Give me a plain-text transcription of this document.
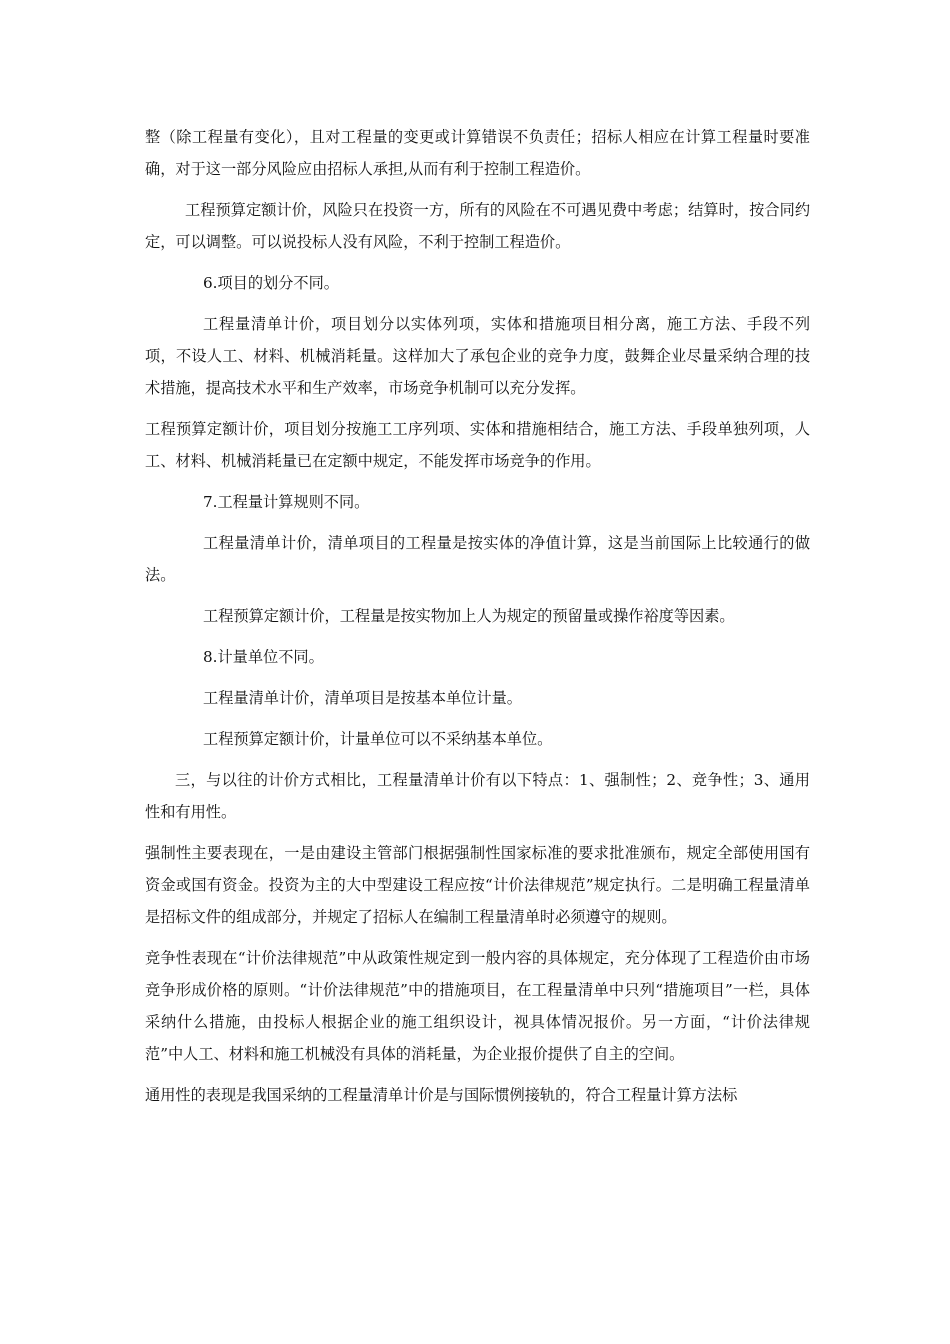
整（除工程量有变化），且对工程量的变更或计算错误不负责任；招标人相应在计算工程量时要准确，对于这一部分风险应由招标人承担,从而有利于控制工程造价。

工程预算定额计价，风险只在投资一方，所有的风险在不可遇见费中考虑；结算时，按合同约定，可以调整。可以说投标人没有风险，不利于控制工程造价。

6.项目的划分不同。

工程量清单计价，项目划分以实体列项，实体和措施项目相分离，施工方法、手段不列项，不设人工、材料、机械消耗量。这样加大了承包企业的竞争力度，鼓舞企业尽量采纳合理的技术措施，提高技术水平和生产效率，市场竞争机制可以充分发挥。

工程预算定额计价，项目划分按施工工序列项、实体和措施相结合，施工方法、手段单独列项，人工、材料、机械消耗量已在定额中规定，不能发挥市场竞争的作用。

7.工程量计算规则不同。

工程量清单计价，清单项目的工程量是按实体的净值计算，这是当前国际上比较通行的做法。

工程预算定额计价，工程量是按实物加上人为规定的预留量或操作裕度等因素。

8.计量单位不同。

工程量清单计价，清单项目是按基本单位计量。

工程预算定额计价，计量单位可以不采纳基本单位。

三，与以往的计价方式相比，工程量清单计价有以下特点：1、强制性；2、竞争性；3、通用性和有用性。

强制性主要表现在，一是由建设主管部门根据强制性国家标准的要求批准颁布，规定全部使用国有资金或国有资金。投资为主的大中型建设工程应按“计价法律规范”规定执行。二是明确工程量清单是招标文件的组成部分，并规定了招标人在编制工程量清单时必须遵守的规则。

竞争性表现在“计价法律规范”中从政策性规定到一般内容的具体规定，充分体现了工程造价由市场竞争形成价格的原则。“计价法律规范”中的措施项目，在工程量清单中只列“措施项目”一栏，具体采纳什么措施，由投标人根据企业的施工组织设计，视具体情况报价。另一方面，“计价法律规范”中人工、材料和施工机械没有具体的消耗量，为企业报价提供了自主的空间。

通用性的表现是我国采纳的工程量清单计价是与国际惯例接轨的，符合工程量计算方法标
